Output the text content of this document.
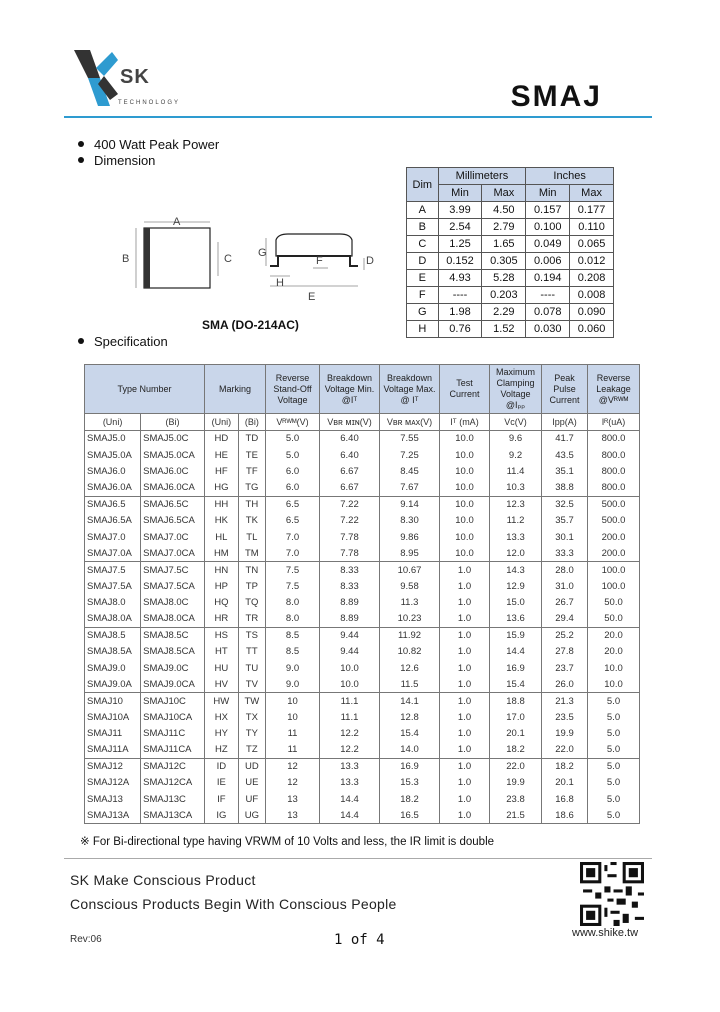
SK
TECHNOLOGY	SMAJ
400 Watt Peak Power
Dimension
A
B	C G
F	D
H
E
SMA (DO-214AC)
Dim	Millimeters		Inches	
	Min	Max	Min	Max
A	3.99	4.50	0.157	0.177
B	2.54	2.79	0.100	0.110
C	1.25	1.65	0.049	0.065
D	0.152	0.305	0.006	0.012
E	4.93	5.28	0.194	0.208
F	----	0.203	----	0.008
G	1.98	2.29	0.078	0.090
H	0.76	1.52	0.030	0.060
Specification
Type Number		Marking		Reverse Stand-Off Voltage	Breakdown Voltage Min. @Iᵀ	Breakdown Voltage Max. @ Iᵀ	Test Current	Maximum Clamping Voltage @Iₚₚ	Peak Pulse Current	Reverse Leakage @Vᴿᵂᴹ
(Uni)	(Bi)	(Uni)	(Bi)	Vᴿᵂᴹ(V)	Vʙʀ ᴍɪɴ(V)	Vʙʀ ᴍᴀx(V)	Iᵀ (mA)	Vc(V)	Ipp(A)	Iᴿ(uA)
SMAJ5.0	SMAJ5.0C	HD	TD	5.0	6.40	7.55	10.0	9.6	41.7	800.0
SMAJ5.0A	SMAJ5.0CA	HE	TE	5.0	6.40	7.25	10.0	9.2	43.5	800.0
SMAJ6.0	SMAJ6.0C	HF	TF	6.0	6.67	8.45	10.0	11.4	35.1	800.0
SMAJ6.0A	SMAJ6.0CA	HG	TG	6.0	6.67	7.67	10.0	10.3	38.8	800.0
SMAJ6.5	SMAJ6.5C	HH	TH	6.5	7.22	9.14	10.0	12.3	32.5	500.0
SMAJ6.5A	SMAJ6.5CA	HK	TK	6.5	7.22	8.30	10.0	11.2	35.7	500.0
SMAJ7.0	SMAJ7.0C	HL	TL	7.0	7.78	9.86	10.0	13.3	30.1	200.0
SMAJ7.0A	SMAJ7.0CA	HM	TM	7.0	7.78	8.95	10.0	12.0	33.3	200.0
SMAJ7.5	SMAJ7.5C	HN	TN	7.5	8.33	10.67	1.0	14.3	28.0	100.0
SMAJ7.5A	SMAJ7.5CA	HP	TP	7.5	8.33	9.58	1.0	12.9	31.0	100.0
SMAJ8.0	SMAJ8.0C	HQ	TQ	8.0	8.89	11.3	1.0	15.0	26.7	50.0
SMAJ8.0A	SMAJ8.0CA	HR	TR	8.0	8.89	10.23	1.0	13.6	29.4	50.0
SMAJ8.5	SMAJ8.5C	HS	TS	8.5	9.44	11.92	1.0	15.9	25.2	20.0
SMAJ8.5A	SMAJ8.5CA	HT	TT	8.5	9.44	10.82	1.0	14.4	27.8	20.0
SMAJ9.0	SMAJ9.0C	HU	TU	9.0	10.0	12.6	1.0	16.9	23.7	10.0
SMAJ9.0A	SMAJ9.0CA	HV	TV	9.0	10.0	11.5	1.0	15.4	26.0	10.0
SMAJ10	SMAJ10C	HW	TW	10	11.1	14.1	1.0	18.8	21.3	5.0
SMAJ10A	SMAJ10CA	HX	TX	10	11.1	12.8	1.0	17.0	23.5	5.0
SMAJ11	SMAJ11C	HY	TY	11	12.2	15.4	1.0	20.1	19.9	5.0
SMAJ11A	SMAJ11CA	HZ	TZ	11	12.2	14.0	1.0	18.2	22.0	5.0
SMAJ12	SMAJ12C	ID	UD	12	13.3	16.9	1.0	22.0	18.2	5.0
SMAJ12A	SMAJ12CA	IE	UE	12	13.3	15.3	1.0	19.9	20.1	5.0
SMAJ13	SMAJ13C	IF	UF	13	14.4	18.2	1.0	23.8	16.8	5.0
SMAJ13A	SMAJ13CA	IG	UG	13	14.4	16.5	1.0	21.5	18.6	5.0
※ For Bi-directional type having VRWM of 10 Volts and less, the IR limit is double
SK Make Conscious Product
Conscious Products Begin With Conscious People
www.shike.tw
Rev:06	1 of 4
